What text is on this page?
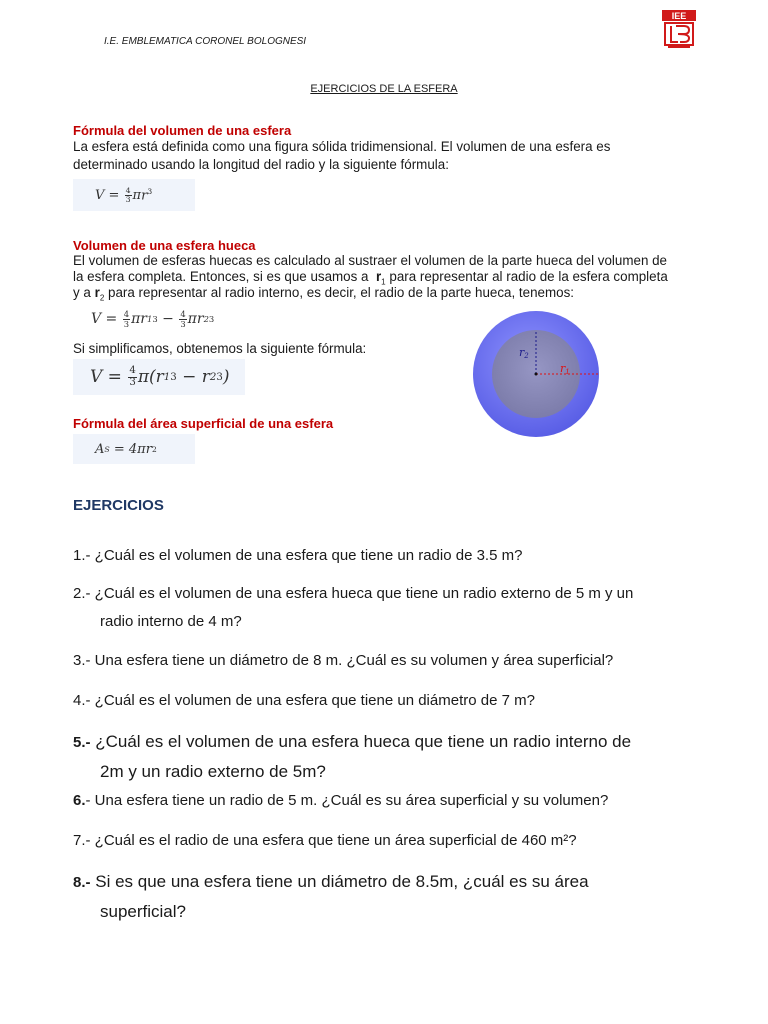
I.E. EMBLEMATICA CORONEL BOLOGNESI
IEE
EJERCICIOS DE LA ESFERA
Fórmula del volumen de una esfera
La esfera está definida como una figura sólida tridimensional. El volumen de una esfera es
determinado usando la longitud del radio y la siguiente fórmula:
V =
$\frac{4}{3}$ π $r^3$
Volumen de una esfera hueca
El volumen de esferas huecas es calculado al sustraer el volumen de la parte hueca del volumen de
la esfera completa. Entonces, si es que usamos a $r_1$ para representar al radio de la esfera completa
y a $r_2$ para representar al radio interno, es decir, el radio de la parte hueca, tenemos:
$V = \frac{4}{3}$ πr 1 $3 - \frac{4}{3}$ πr 2 3
Si simplificamos, obtenemos la siguiente fórmula:
$V = \frac{4}{3} \pi(r$ 1 3 − r 2 3 )	r1
r2
Fórmula del área superficial de una esfera
A S = 4πr 2
EJERCICIOS
1.- ¿Cuál es el volumen de una esfera que tiene un radio de 3.5 m?
2.- ¿Cuál es el volumen de una esfera hueca que tiene un radio externo de 5 m y un
radio interno de 4 m?
3.- Una esfera tiene un diámetro de 8 m. ¿Cuál es su volumen y área superficial?
4.- ¿Cuál es el volumen de una esfera que tiene un diámetro de 7 m?
5.- ¿Cuál es el volumen de una esfera hueca que tiene un radio interno de
2m y un radio externo de 5m?
6.- Una esfera tiene un radio de 5 m. ¿Cuál es su área superficial y su volumen?
7.- ¿Cuál es el radio de una esfera que tiene un área superficial de 460 m²?
8.- Si es que una esfera tiene un diámetro de 8.5m, ¿cuál es su área
superficial?
